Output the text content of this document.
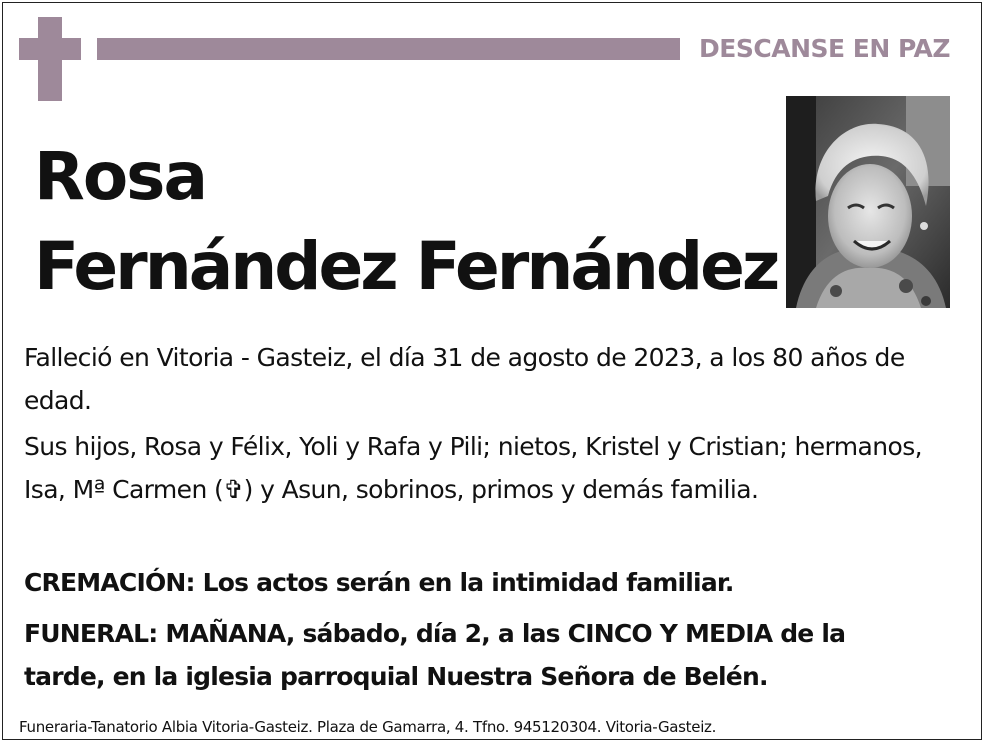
DESCANSE EN PAZ
Rosa
Fernández Fernández
Falleció en Vitoria - Gasteiz, el día 31 de agosto de 2023, a los 80 años de edad.
Sus hijos, Rosa y Félix, Yoli y Rafa y Pili; nietos, Kristel y Cristian; hermanos, Isa, Mª Carmen (✞) y Asun, sobrinos, primos y demás familia.
CREMACIÓN: Los actos serán en la intimidad familiar.
FUNERAL: MAÑANA, sábado, día 2, a las CINCO Y MEDIA de la tarde, en la iglesia parroquial Nuestra Señora de Belén.
Funeraria-Tanatorio Albia Vitoria-Gasteiz. Plaza de Gamarra, 4. Tfno. 945120304. Vitoria-Gasteiz.
